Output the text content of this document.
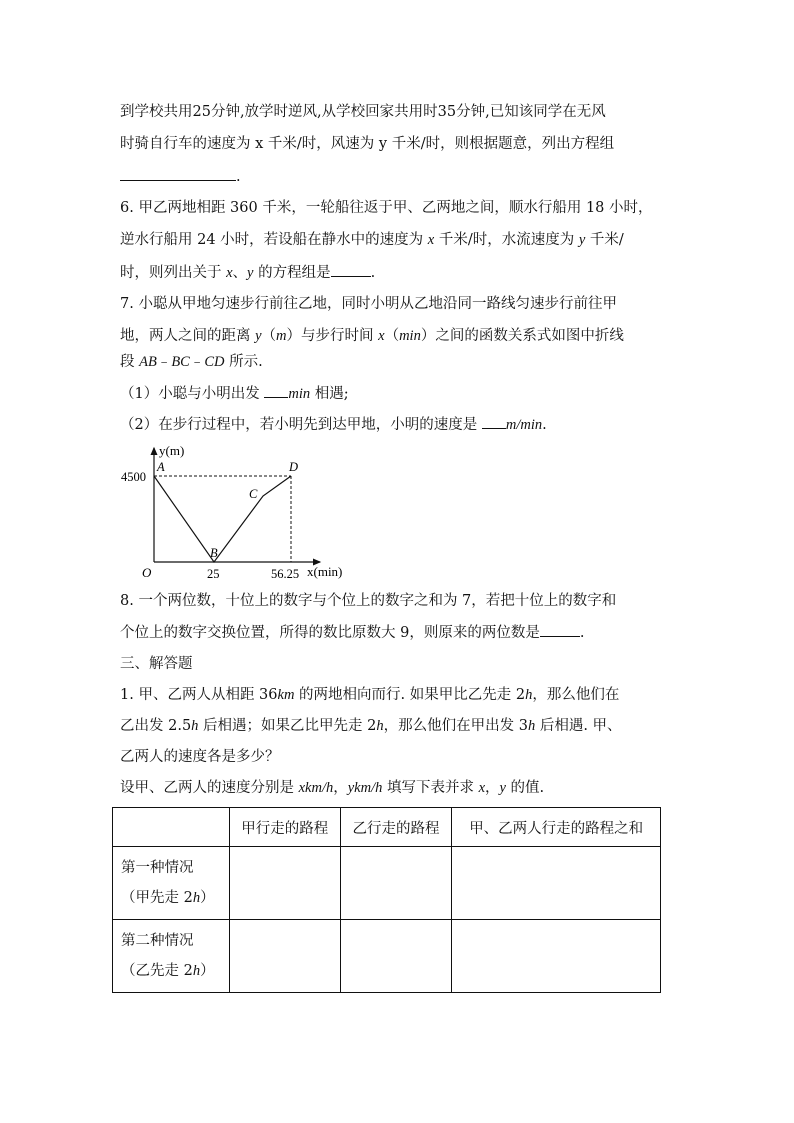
到学校共用25分钟,放学时逆风,从学校回家共用时35分钟,已知该同学在无风
时骑自行车的速度为 x 千米/时，风速为 y 千米/时，则根据题意，列出方程组
.
6. 甲乙两地相距 360 千米，一轮船往返于甲、乙两地之间，顺水行船用 18 小时，
逆水行船用 24 小时，若设船在静水中的速度为 x 千米/时，水流速度为 y 千米/
时，则列出关于 x、y 的方程组是	.
7. 小聪从甲地匀速步行前往乙地，同时小明从乙地沿同一路线匀速步行前往甲
地，两人之间的距离 y（m）与步行时间 x（min）之间的函数关系式如图中折线
段 AB﹣BC﹣CD 所示.
（1）小聪与小明出发 min 相遇;
（2）在步行过程中，若小明先到达甲地，小明的速度是 m/min.
y(m)
x(min)
O
4500
25	56.25
A
B
C
D
8. 一个两位数，十位上的数字与个位上的数字之和为 7，若把十位上的数字和
个位上的数字交换位置，所得的数比原数大 9，则原来的两位数是	.
三、解答题
1. 甲、乙两人从相距 36km 的两地相向而行. 如果甲比乙先走 2h，那么他们在
乙出发 2.5h 后相遇；如果乙比甲先走 2h，那么他们在甲出发 3h 后相遇. 甲、
乙两人的速度各是多少？
设甲、乙两人的速度分别是 xkm/h，ykm/h 填写下表并求 x，y 的值.
	甲行走的路程	乙行走的路程	甲、乙两人行走的路程之和

第一种情况
（甲先走 2h）			

第二种情况
（乙先走 2h）			
